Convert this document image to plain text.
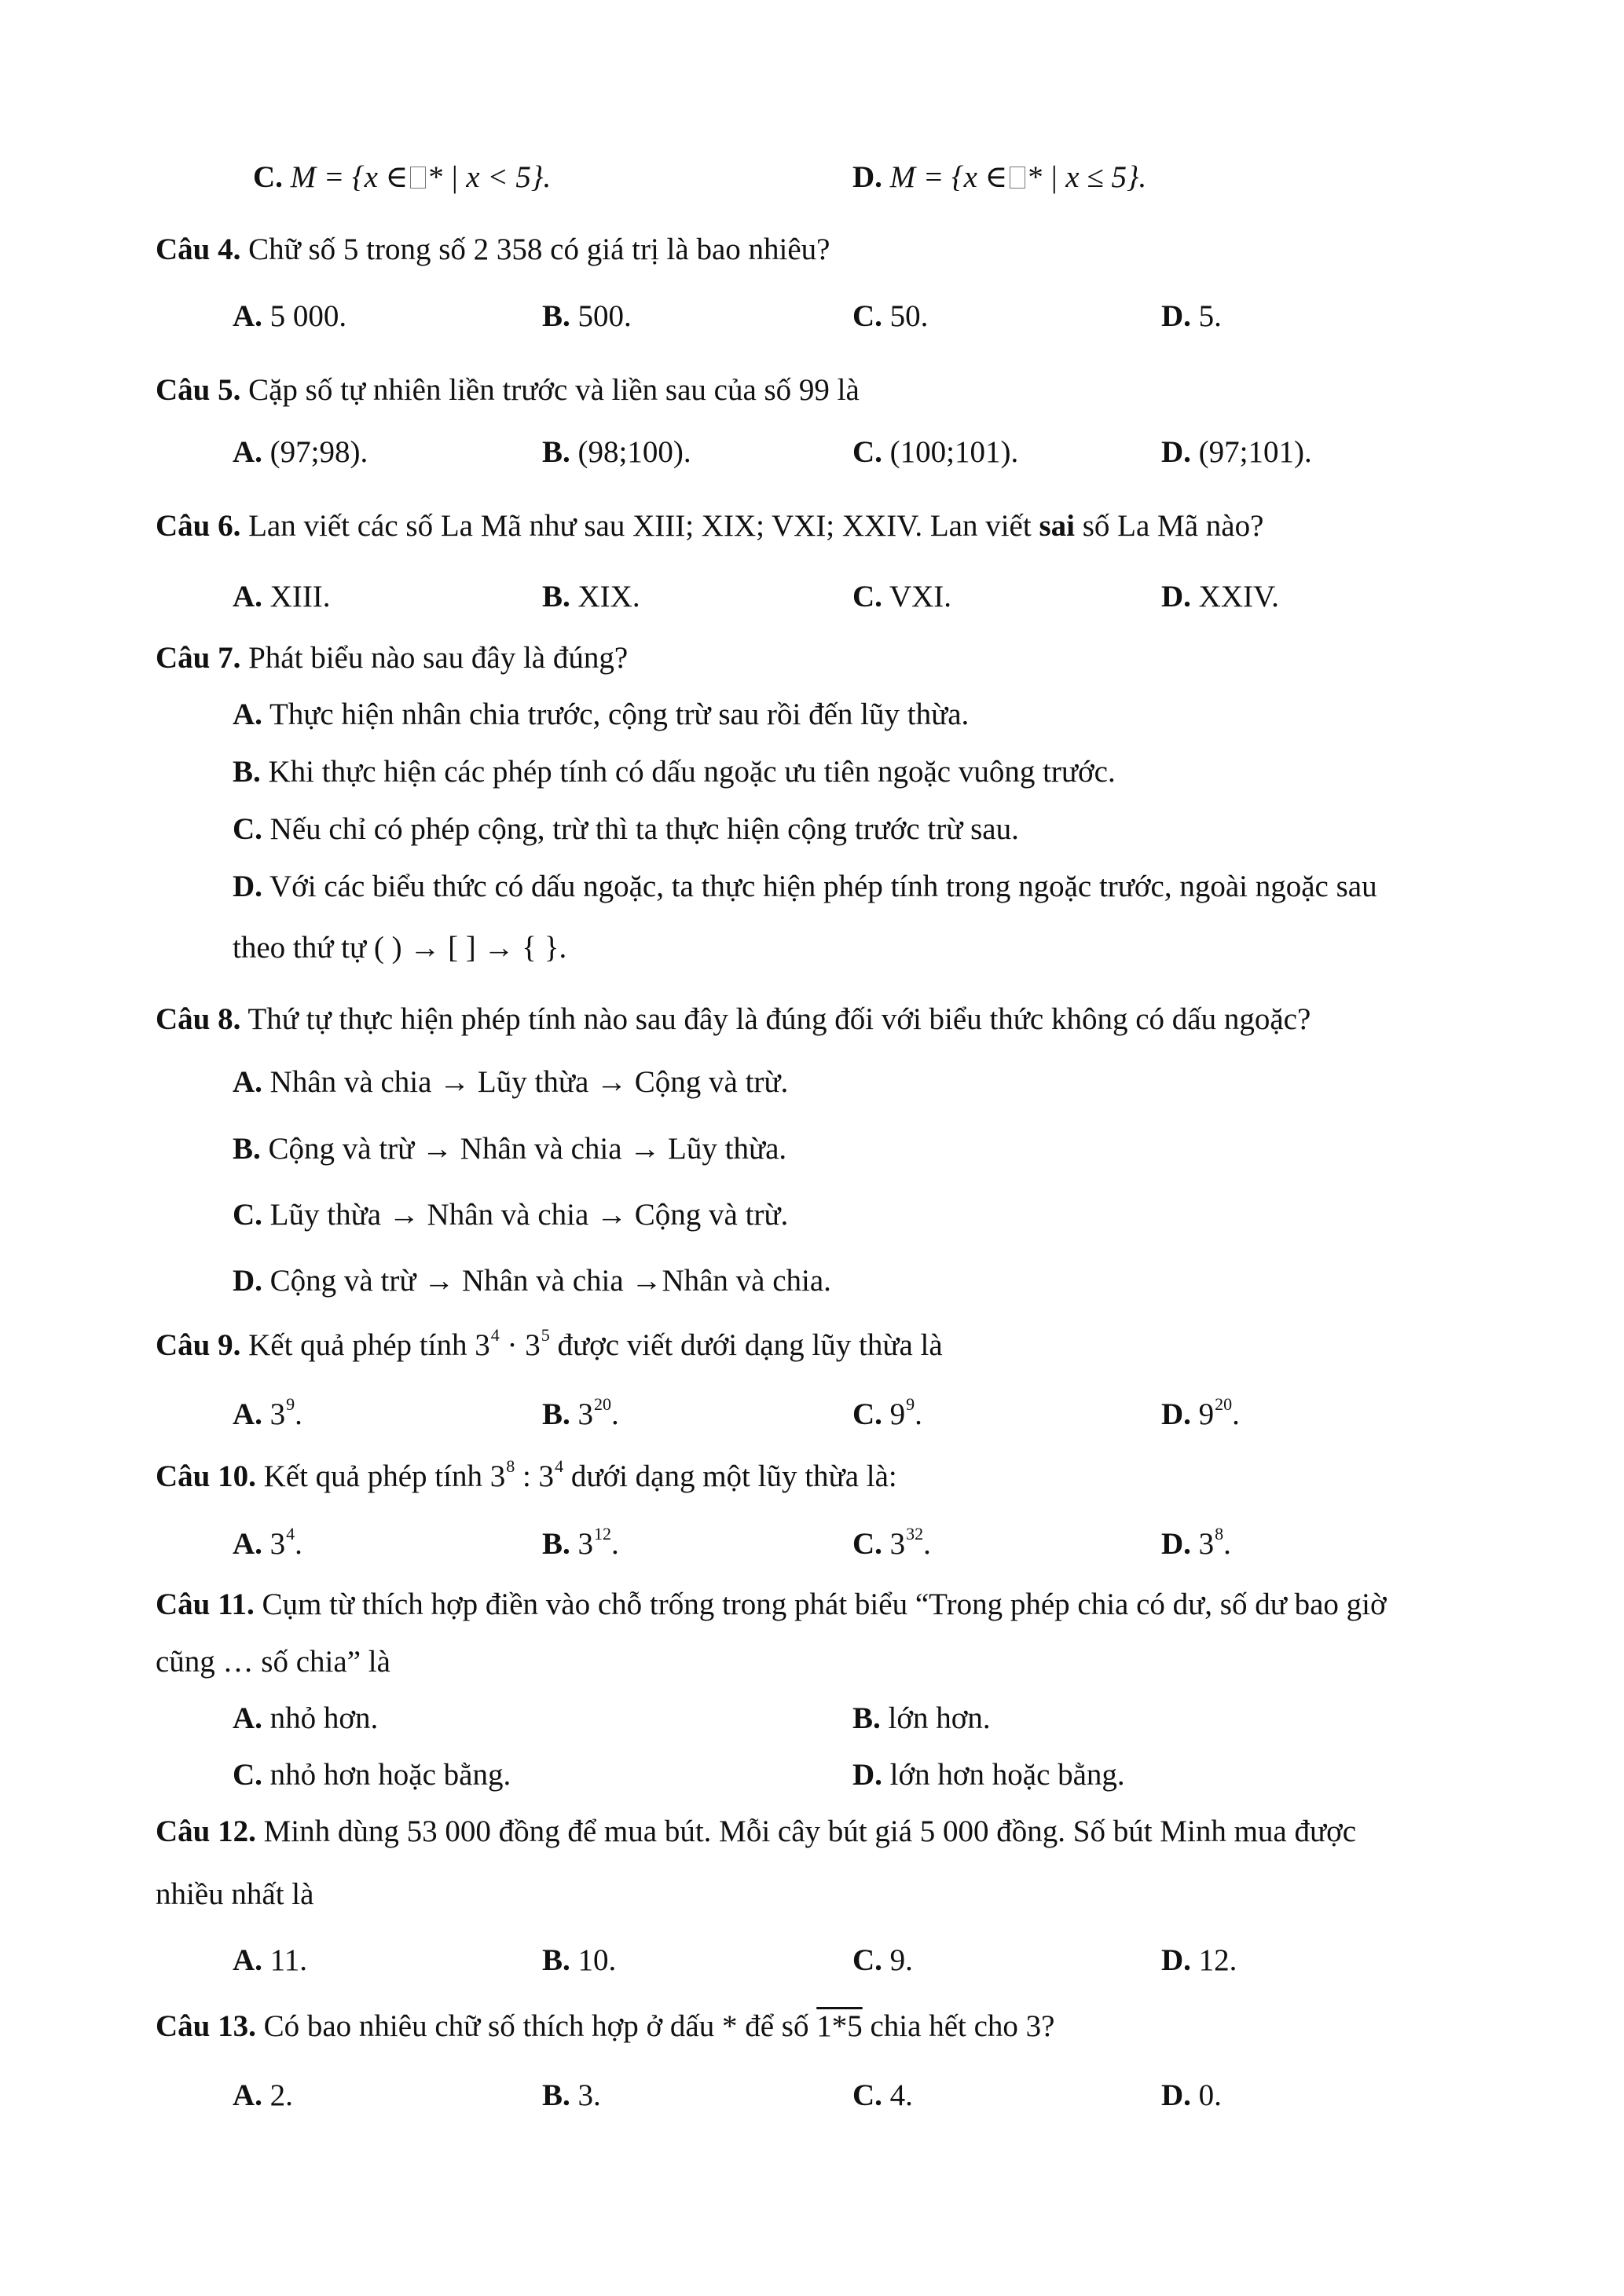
C. M = {x ∈ * | x < 5}.	D. M = {x ∈ * | x ≤ 5}.
Câu 4. Chữ số 5 trong số 2 358 có giá trị là bao nhiêu?
A. 5 000.	B. 500.	C. 50.	D. 5.
Câu 5. Cặp số tự nhiên liền trước và liền sau của số 99 là
A. (97;98).	B. (98;100).	C. (100;101).	D. (97;101).
Câu 6. Lan viết các số La Mã như sau XIII; XIX; VXI; XXIV. Lan viết sai số La Mã nào?
A. XIII.	B. XIX.	C. VXI.	D. XXIV.
Câu 7. Phát biểu nào sau đây là đúng?
A. Thực hiện nhân chia trước, cộng trừ sau rồi đến lũy thừa.
B. Khi thực hiện các phép tính có dấu ngoặc ưu tiên ngoặc vuông trước.
C. Nếu chỉ có phép cộng, trừ thì ta thực hiện cộng trước trừ sau.
D. Với các biểu thức có dấu ngoặc, ta thực hiện phép tính trong ngoặc trước, ngoài ngoặc sau
theo thứ tự ( ) → [ ] → { }.
Câu 8. Thứ tự thực hiện phép tính nào sau đây là đúng đối với biểu thức không có dấu ngoặc?
A. Nhân và chia → Lũy thừa → Cộng và trừ.
B. Cộng và trừ → Nhân và chia → Lũy thừa.
C. Lũy thừa → Nhân và chia → Cộng và trừ.
D. Cộng và trừ → Nhân và chia →Nhân và chia.
Câu 9. Kết quả phép tính $3^4 \cdot 3^5$ được viết dưới dạng lũy thừa là
A. $3^9$.	B. $3^{20}$.	C. $9^9$.	D. $9^{20}$.
Câu 10. Kết quả phép tính $3^8$ : $3^4$ dưới dạng một lũy thừa là:
A. $3^4$.	B. $3^{12}$.	C. $3^{32}$.	D. $3^8$.
Câu 11. Cụm từ thích hợp điền vào chỗ trống trong phát biểu “Trong phép chia có dư, số dư bao giờ
cũng … số chia” là
A. nhỏ hơn.	B. lớn hơn.
C. nhỏ hơn hoặc bằng.	D. lớn hơn hoặc bằng.
Câu 12. Minh dùng 53 000 đồng để mua bút. Mỗi cây bút giá 5 000 đồng. Số bút Minh mua được
nhiều nhất là
A. 11.	B. 10.	C. 9.	D. 12.
Câu 13. Có bao nhiêu chữ số thích hợp ở dấu * để số 1*5 chia hết cho 3?
A. 2.	B. 3.	C. 4.	D. 0.
